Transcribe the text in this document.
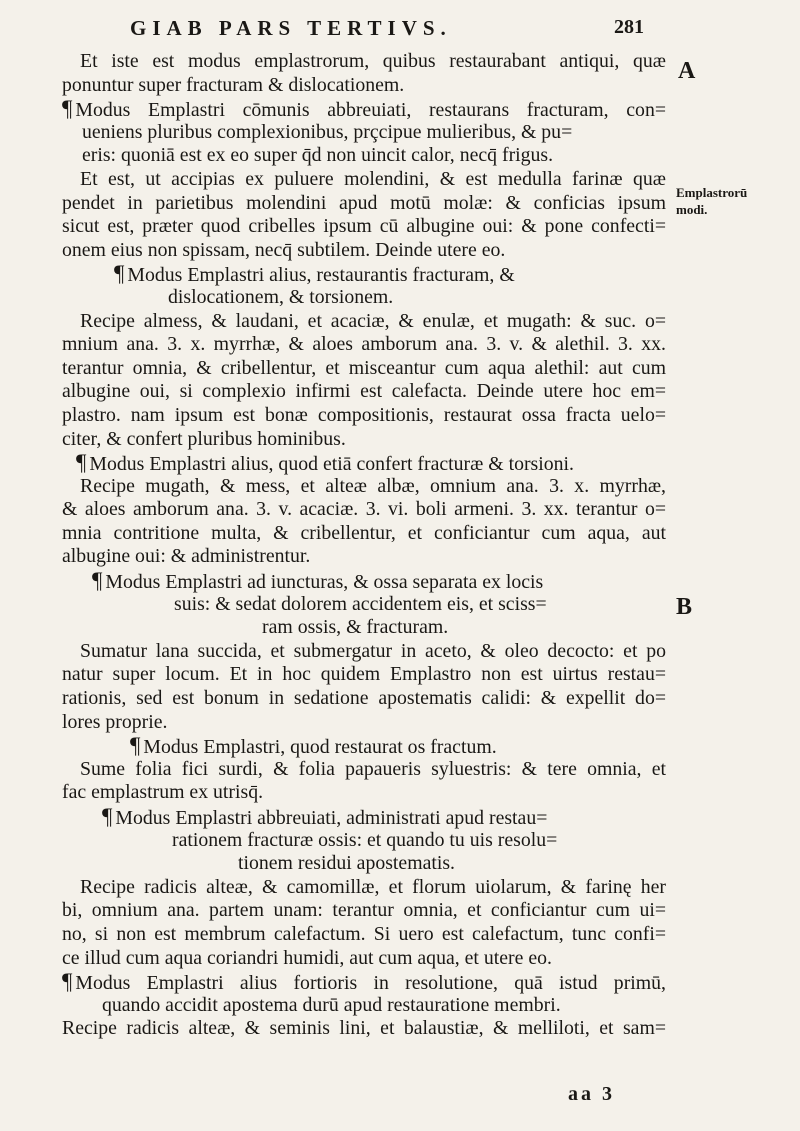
GIAB PARS TERTIVS.	281
A
Emplastrorū
modi.
B
Et iste est modus emplastrorum, quibus restaurabant antiqui, quæ
ponuntur super fracturam & dislocationem.
¶ Modus Emplastri cōmunis abbreuiati, restaurans fracturam, con=
ueniens pluribus complexionibus, prçcipue mulieribus, & pu=
eris: quoniā est ex eo super q̄d non uincit calor, necq̄ frigus.
Et est, ut accipias ex puluere molendini, & est medulla farinæ quæ
pendet in parietibus molendini apud motū molæ: & conficias ipsum
sicut est, præter quod cribelles ipsum cū albugine oui: & pone confecti=
onem eius non spissam, necq̄ subtilem. Deinde utere eo.
¶ Modus Emplastri alius, restaurantis fracturam, &
dislocationem, & torsionem.
Recipe almess, & laudani, et acaciæ, & enulæ, et mugath: & suc. o=
mnium ana. 3. x. myrrhæ, & aloes amborum ana. 3. v. & alethil. 3. xx.
terantur omnia, & cribellentur, et misceantur cum aqua alethil: aut cum
albugine oui, si complexio infirmi est calefacta. Deinde utere hoc em=
plastro. nam ipsum est bonæ compositionis, restaurat ossa fracta uelo=
citer, & confert pluribus hominibus.
¶ Modus Emplastri alius, quod etiā confert fracturæ & torsioni.
Recipe mugath, & mess, et alteæ albæ, omnium ana. 3. x. myrrhæ,
& aloes amborum ana. 3. v. acaciæ. 3. vi. boli armeni. 3. xx. terantur o=
mnia contritione multa, & cribellentur, et conficiantur cum aqua, aut
albugine oui: & administrentur.
¶ Modus Emplastri ad iuncturas, & ossa separata ex locis
suis: & sedat dolorem accidentem eis, et sciss=
ram ossis, & fracturam.
Sumatur lana succida, et submergatur in aceto, & oleo decocto: et po
natur super locum. Et in hoc quidem Emplastro non est uirtus restau=
rationis, sed est bonum in sedatione apostematis calidi: & expellit do=
lores proprie.
¶ Modus Emplastri, quod restaurat os fractum.
Sume folia fici surdi, & folia papaueris syluestris: & tere omnia, et
fac emplastrum ex utrisq̄.
¶ Modus Emplastri abbreuiati, administrati apud restau=
rationem fracturæ ossis: et quando tu uis resolu=
tionem residui apostematis.
Recipe radicis alteæ, & camomillæ, et florum uiolarum, & farinę her
bi, omnium ana. partem unam: terantur omnia, et conficiantur cum ui=
no, si non est membrum calefactum. Si uero est calefactum, tunc confi=
ce illud cum aqua coriandri humidi, aut cum aqua, et utere eo.
¶ Modus Emplastri alius fortioris in resolutione, quā istud primū,
quando accidit apostema durū apud restauratione membri.
Recipe radicis alteæ, & seminis lini, et balaustiæ, & melliloti, et sam=
aa 3
